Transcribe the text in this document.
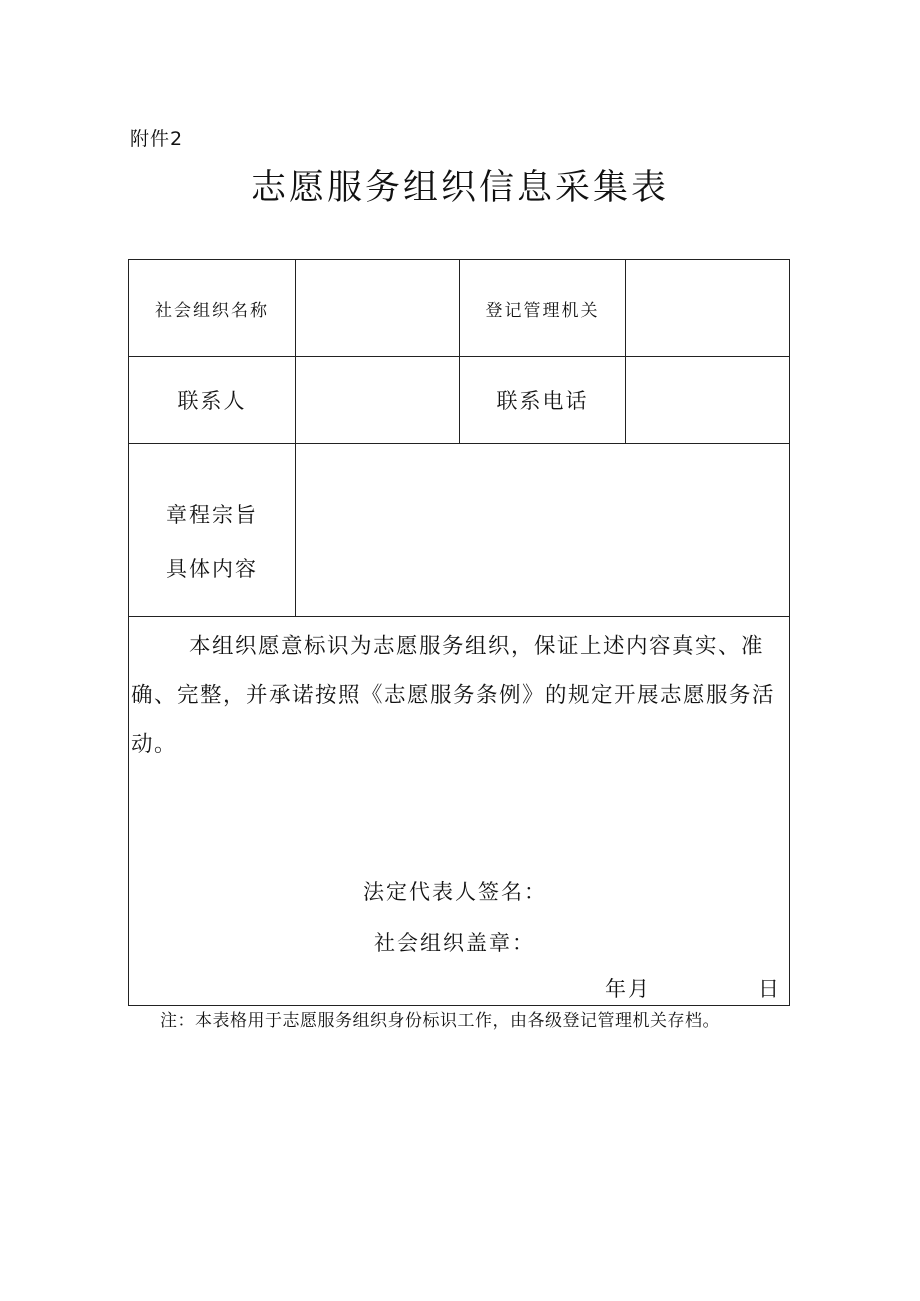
附件2
志愿服务组织信息采集表
社会组织名称	登记管理机关
联系人	联系电话
章程宗旨
具体内容

本组织愿意标识为志愿服务组织，保证上述内容真实、准确、完整，并承诺按照《志愿服务条例》的规定开展志愿服务活动。

法定代表人签名：
社会组织盖章：
年月	日

注：本表格用于志愿服务组织身份标识工作，由各级登记管理机关存档。
